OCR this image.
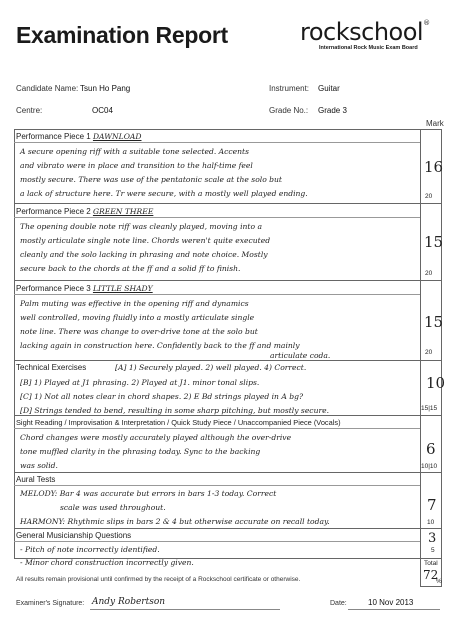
Examination Report	rockschool®
International Rock Music Exam Board
Candidate Name: Tsun Ho Pang	Instrument: Guitar
Centre:	OC04	Grade No.: Grade 3
Mark
Performance Piece 1 DAWNLOAD
A secure opening riff with a suitable tone selected. Accents
and vibrato were in place and transition to the half-time feel
mostly secure. There was use of the pentatonic scale at the solo but
a lack of structure here. Tr were secure, with a mostly well played ending.
16
20
Performance Piece 2 GREEN THREE
The opening double note riff was cleanly played, moving into a
mostly articulate single note line. Chords weren't quite executed
cleanly and the solo lacking in phrasing and note choice. Mostly
secure back to the chords at the ff and a solid ff to finish.
15
20
Performance Piece 3 LITTLE SHADY
Palm muting was effective in the opening riff and dynamics
well controlled, moving fluidly into a mostly articulate single
note line. There was change to over-drive tone at the solo but
lacking again in construction here. Confidently back to the ff and mainly
articulate coda.
15
20
Technical Exercises	[A] 1) Securely played. 2) well played. 4) Correct.
[B] 1) Played at J1 phrasing. 2) Played at J1. minor tonal slips.
[C] 1) Not all notes clear in chord shapes. 2) E Bd strings played in A bg?
[D] Strings tended to bend, resulting in some sharp pitching, but mostly secure.
10
15|15
Sight Reading / Improvisation & Interpretation / Quick Study Piece / Unaccompanied Piece (Vocals)
Chord changes were mostly accurately played although the over-drive
tone muffled clarity in the phrasing today. Sync to the backing
was solid.
6
10|10
Aural Tests
MELODY: Bar 4 was accurate but errors in bars 1-3 today. Correct
scale was used throughout.
HARMONY: Rhythmic slips in bars 2 & 4 but otherwise accurate on recall today.
7
10
General Musicianship Questions
- Pitch of note incorrectly identified.
- Minor chord construction incorrectly given.
3
5
Total
72
%
All results remain provisional until confirmed by the receipt of a Rockschool certificate or otherwise.
Examiner's Signature: Andy Robertson	Date:	10 Nov 2013
